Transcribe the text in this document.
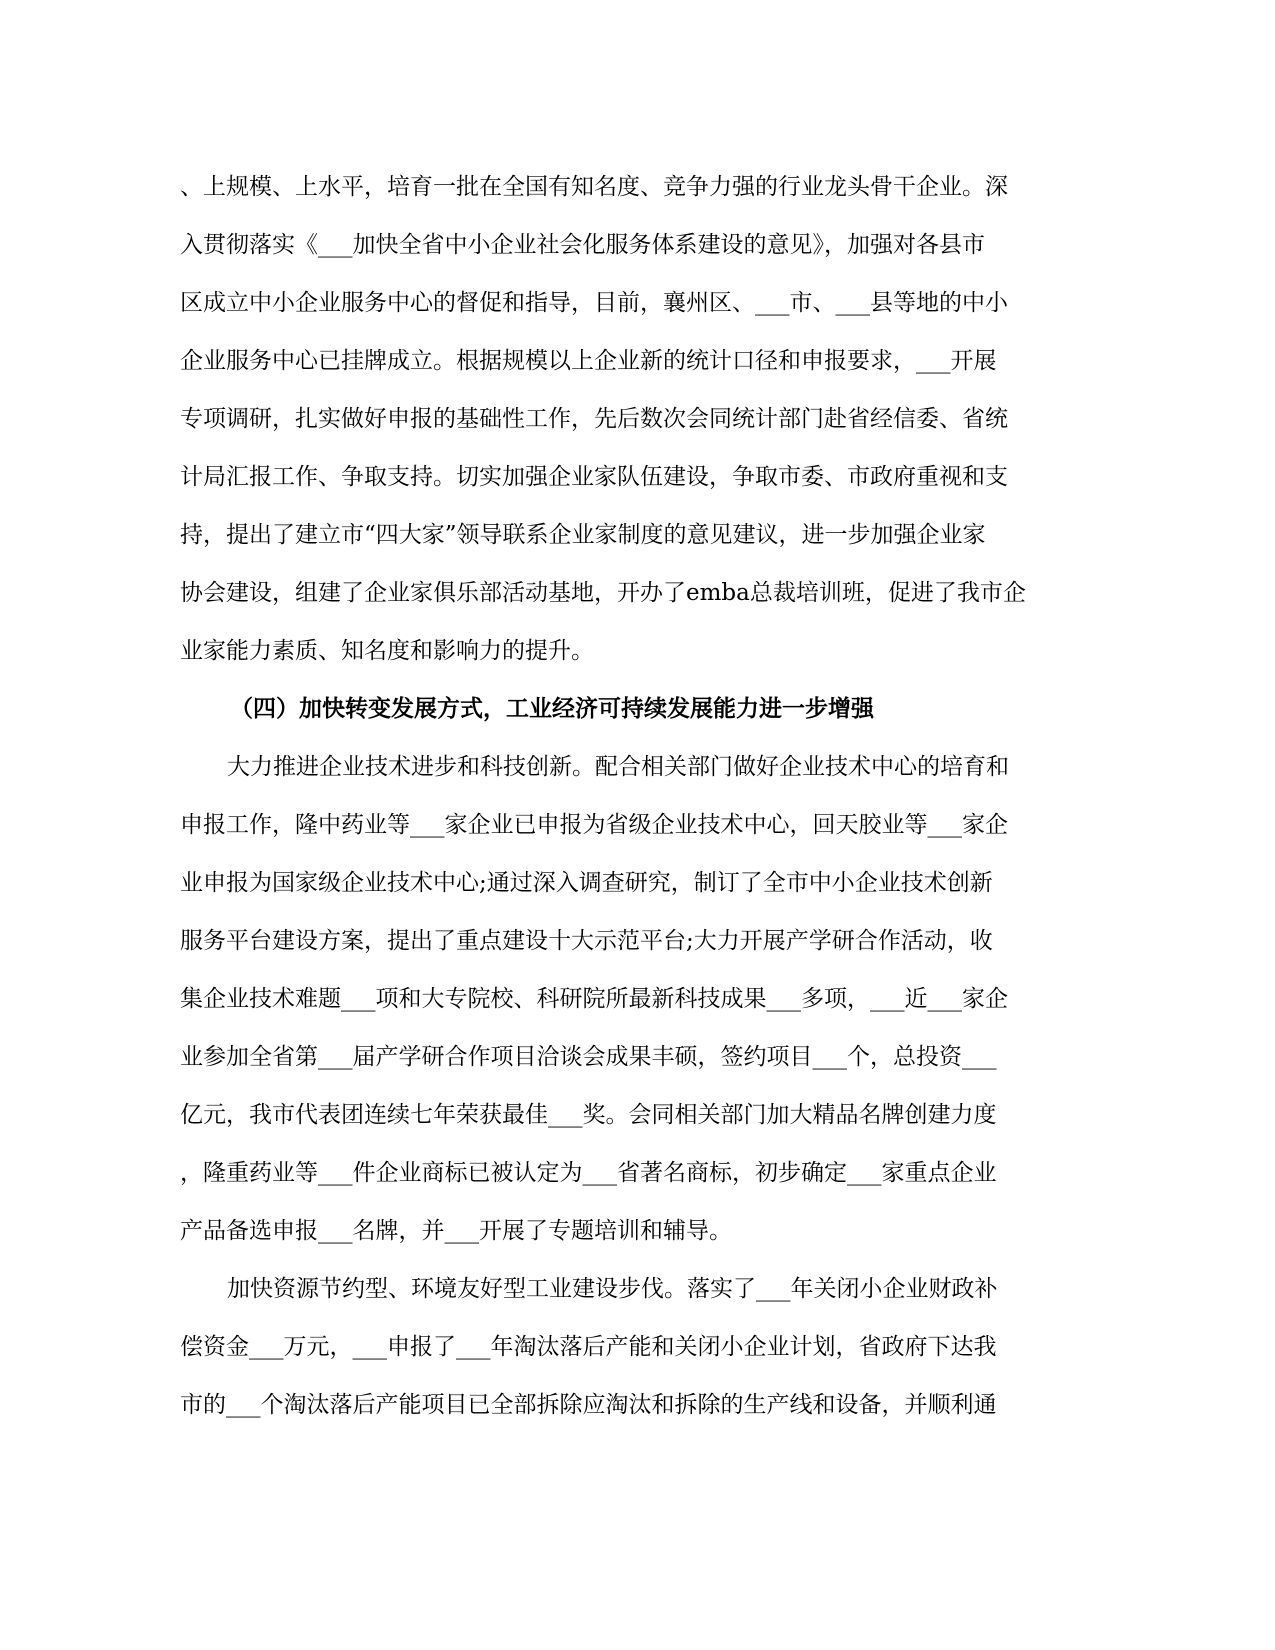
、上规模、上水平，培育一批在全国有知名度、竞争力强的行业龙头骨干企业。深
入贯彻落实《___加快全省中小企业社会化服务体系建设的意见》，加强对各县市
区成立中小企业服务中心的督促和指导，目前，襄州区、___市、___县等地的中小
企业服务中心已挂牌成立。根据规模以上企业新的统计口径和申报要求，___开展
专项调研，扎实做好申报的基础性工作，先后数次会同统计部门赴省经信委、省统
计局汇报工作、争取支持。切实加强企业家队伍建设，争取市委、市政府重视和支
持，提出了建立市“四大家”领导联系企业家制度的意见建议，进一步加强企业家
协会建设，组建了企业家俱乐部活动基地，开办了emba总裁培训班，促进了我市企
业家能力素质、知名度和影响力的提升。
（四）加快转变发展方式，工业经济可持续发展能力进一步增强
大力推进企业技术进步和科技创新。配合相关部门做好企业技术中心的培育和
申报工作，隆中药业等___家企业已申报为省级企业技术中心，回天胶业等___家企
业申报为国家级企业技术中心;通过深入调查研究，制订了全市中小企业技术创新
服务平台建设方案，提出了重点建设十大示范平台;大力开展产学研合作活动，收
集企业技术难题___项和大专院校、科研院所最新科技成果___多项，___近___家企
业参加全省第___届产学研合作项目洽谈会成果丰硕，签约项目___个，总投资___
亿元，我市代表团连续七年荣获最佳___奖。会同相关部门加大精品名牌创建力度
，隆重药业等___件企业商标已被认定为___省著名商标，初步确定___家重点企业
产品备选申报___名牌，并___开展了专题培训和辅导。
加快资源节约型、环境友好型工业建设步伐。落实了___年关闭小企业财政补
偿资金___万元，___申报了___年淘汰落后产能和关闭小企业计划，省政府下达我
市的___个淘汰落后产能项目已全部拆除应淘汰和拆除的生产线和设备，并顺利通
